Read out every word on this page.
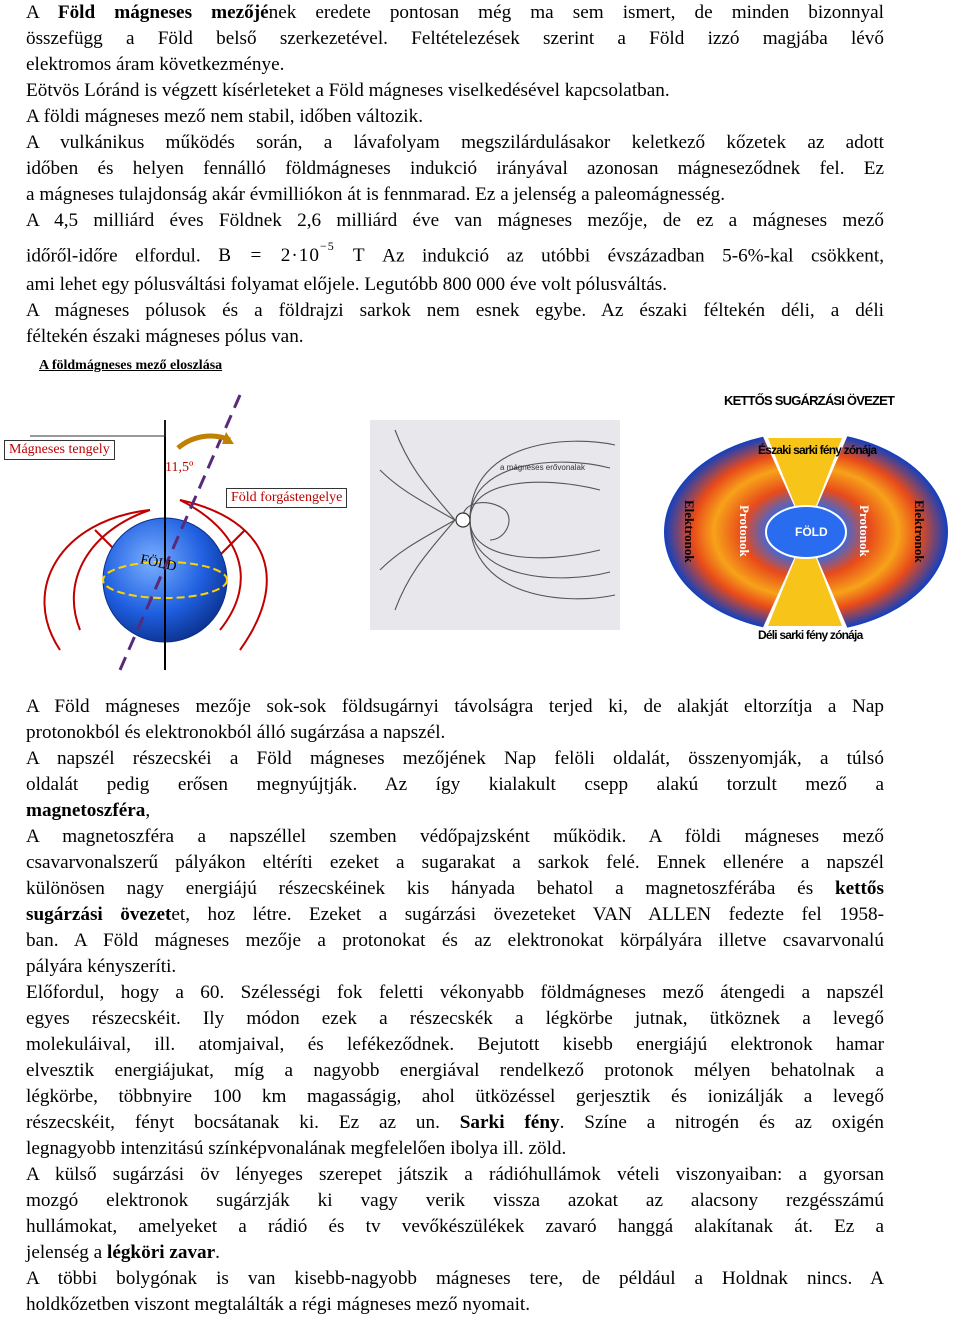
A Föld mágneses mezőjének eredete pontosan még ma sem ismert, de minden bizonnyal
összefügg a Föld belső szerkezetével. Feltételezések szerint a Föld izzó magjába lévő
elektromos áram következménye.
Eötvös Lóránd is végzett kísérleteket a Föld mágneses viselkedésével kapcsolatban.
A földi mágneses mező nem stabil, időben változik.
A vulkánikus működés során, a lávafolyam megszilárdulásakor keletkező kőzetek az adott
időben és helyen fennálló földmágneses indukció irányával azonosan mágneseződnek fel. Ez
a mágneses tulajdonság akár évmilliókon át is fennmarad. Ez a jelenség a paleomágnesség.
A 4,5 milliárd éves Földnek 2,6 milliárd éve van mágneses mezője, de ez a mágneses mező
időről-időre elfordul. $B = 2\cdot 10^{-5}$ T Az indukció az utóbbi évszázadban 5-6%-kal csökkent,
ami lehet egy pólusváltási folyamat előjele. Legutóbb 800 000 éve volt pólusváltás.
A mágneses pólusok és a földrajzi sarkok nem esnek egybe. Az északi féltekén déli, a déli
féltekén északi mágneses pólus van.
A földmágneses mező eloszlása
a mágneses erővonalak
Mágneses tengely
11,5º
Föld forgástengelye
FÖLD
KETTŐS SUGÁRZÁSI ÖVEZET
Északi sarki fény zónája
Déli sarki fény zónája
Elektronok	Protonok	Protonok	Elektronok
FÖLD
A Föld mágneses mezője sok-sok földsugárnyi távolságra terjed ki, de alakját eltorzítja a Nap
protonokból és elektronokból álló sugárzása a napszél.
A napszél részecskéi a Föld mágneses mezőjének Nap felöli oldalát, összenyomják, a túlsó
oldalát pedig erősen megnyújtják. Az így kialakult csepp alakú torzult mező a
magnetoszféra,
A magnetoszféra a napszéllel szemben védőpajzsként működik. A földi mágneses mező
csavarvonalszerű pályákon eltéríti ezeket a sugarakat a sarkok felé. Ennek ellenére a napszél
különösen nagy energiájú részecskéinek kis hányada behatol a magnetoszférába és kettős
sugárzási övezetet, hoz létre. Ezeket a sugárzási övezeteket VAN ALLEN fedezte fel 1958-
ban. A Föld mágneses mezője a protonokat és az elektronokat körpályára illetve csavarvonalú
pályára kényszeríti.
Előfordul, hogy a 60. Szélességi fok feletti vékonyabb földmágneses mező átengedi a napszél
egyes részecskéit. Ily módon ezek a részecskék a légkörbe jutnak, ütköznek a levegő
molekuláival, ill. atomjaival, és lefékeződnek. Bejutott kisebb energiájú elektronok hamar
elvesztik energiájukat, míg a nagyobb energiával rendelkező protonok mélyen behatolnak a
légkörbe, többnyire 100 km magasságig, ahol ütközéssel gerjesztik és ionizálják a levegő
részecskéit, fényt bocsátanak ki. Ez az un. Sarki fény. Színe a nitrogén és az oxigén
legnagyobb intenzitású színképvonalának megfelelően ibolya ill. zöld.
A külső sugárzási öv lényeges szerepet játszik a rádióhullámok vételi viszonyaiban: a gyorsan
mozgó elektronok sugárzják ki vagy verik vissza azokat az alacsony rezgésszámú
hullámokat, amelyeket a rádió és tv vevőkészülékek zavaró hanggá alakítanak át. Ez a
jelenség a légköri zavar.
A többi bolygónak is van kisebb-nagyobb mágneses tere, de például a Holdnak nincs. A
holdkőzetben viszont megtalálták a régi mágneses mező nyomait.
